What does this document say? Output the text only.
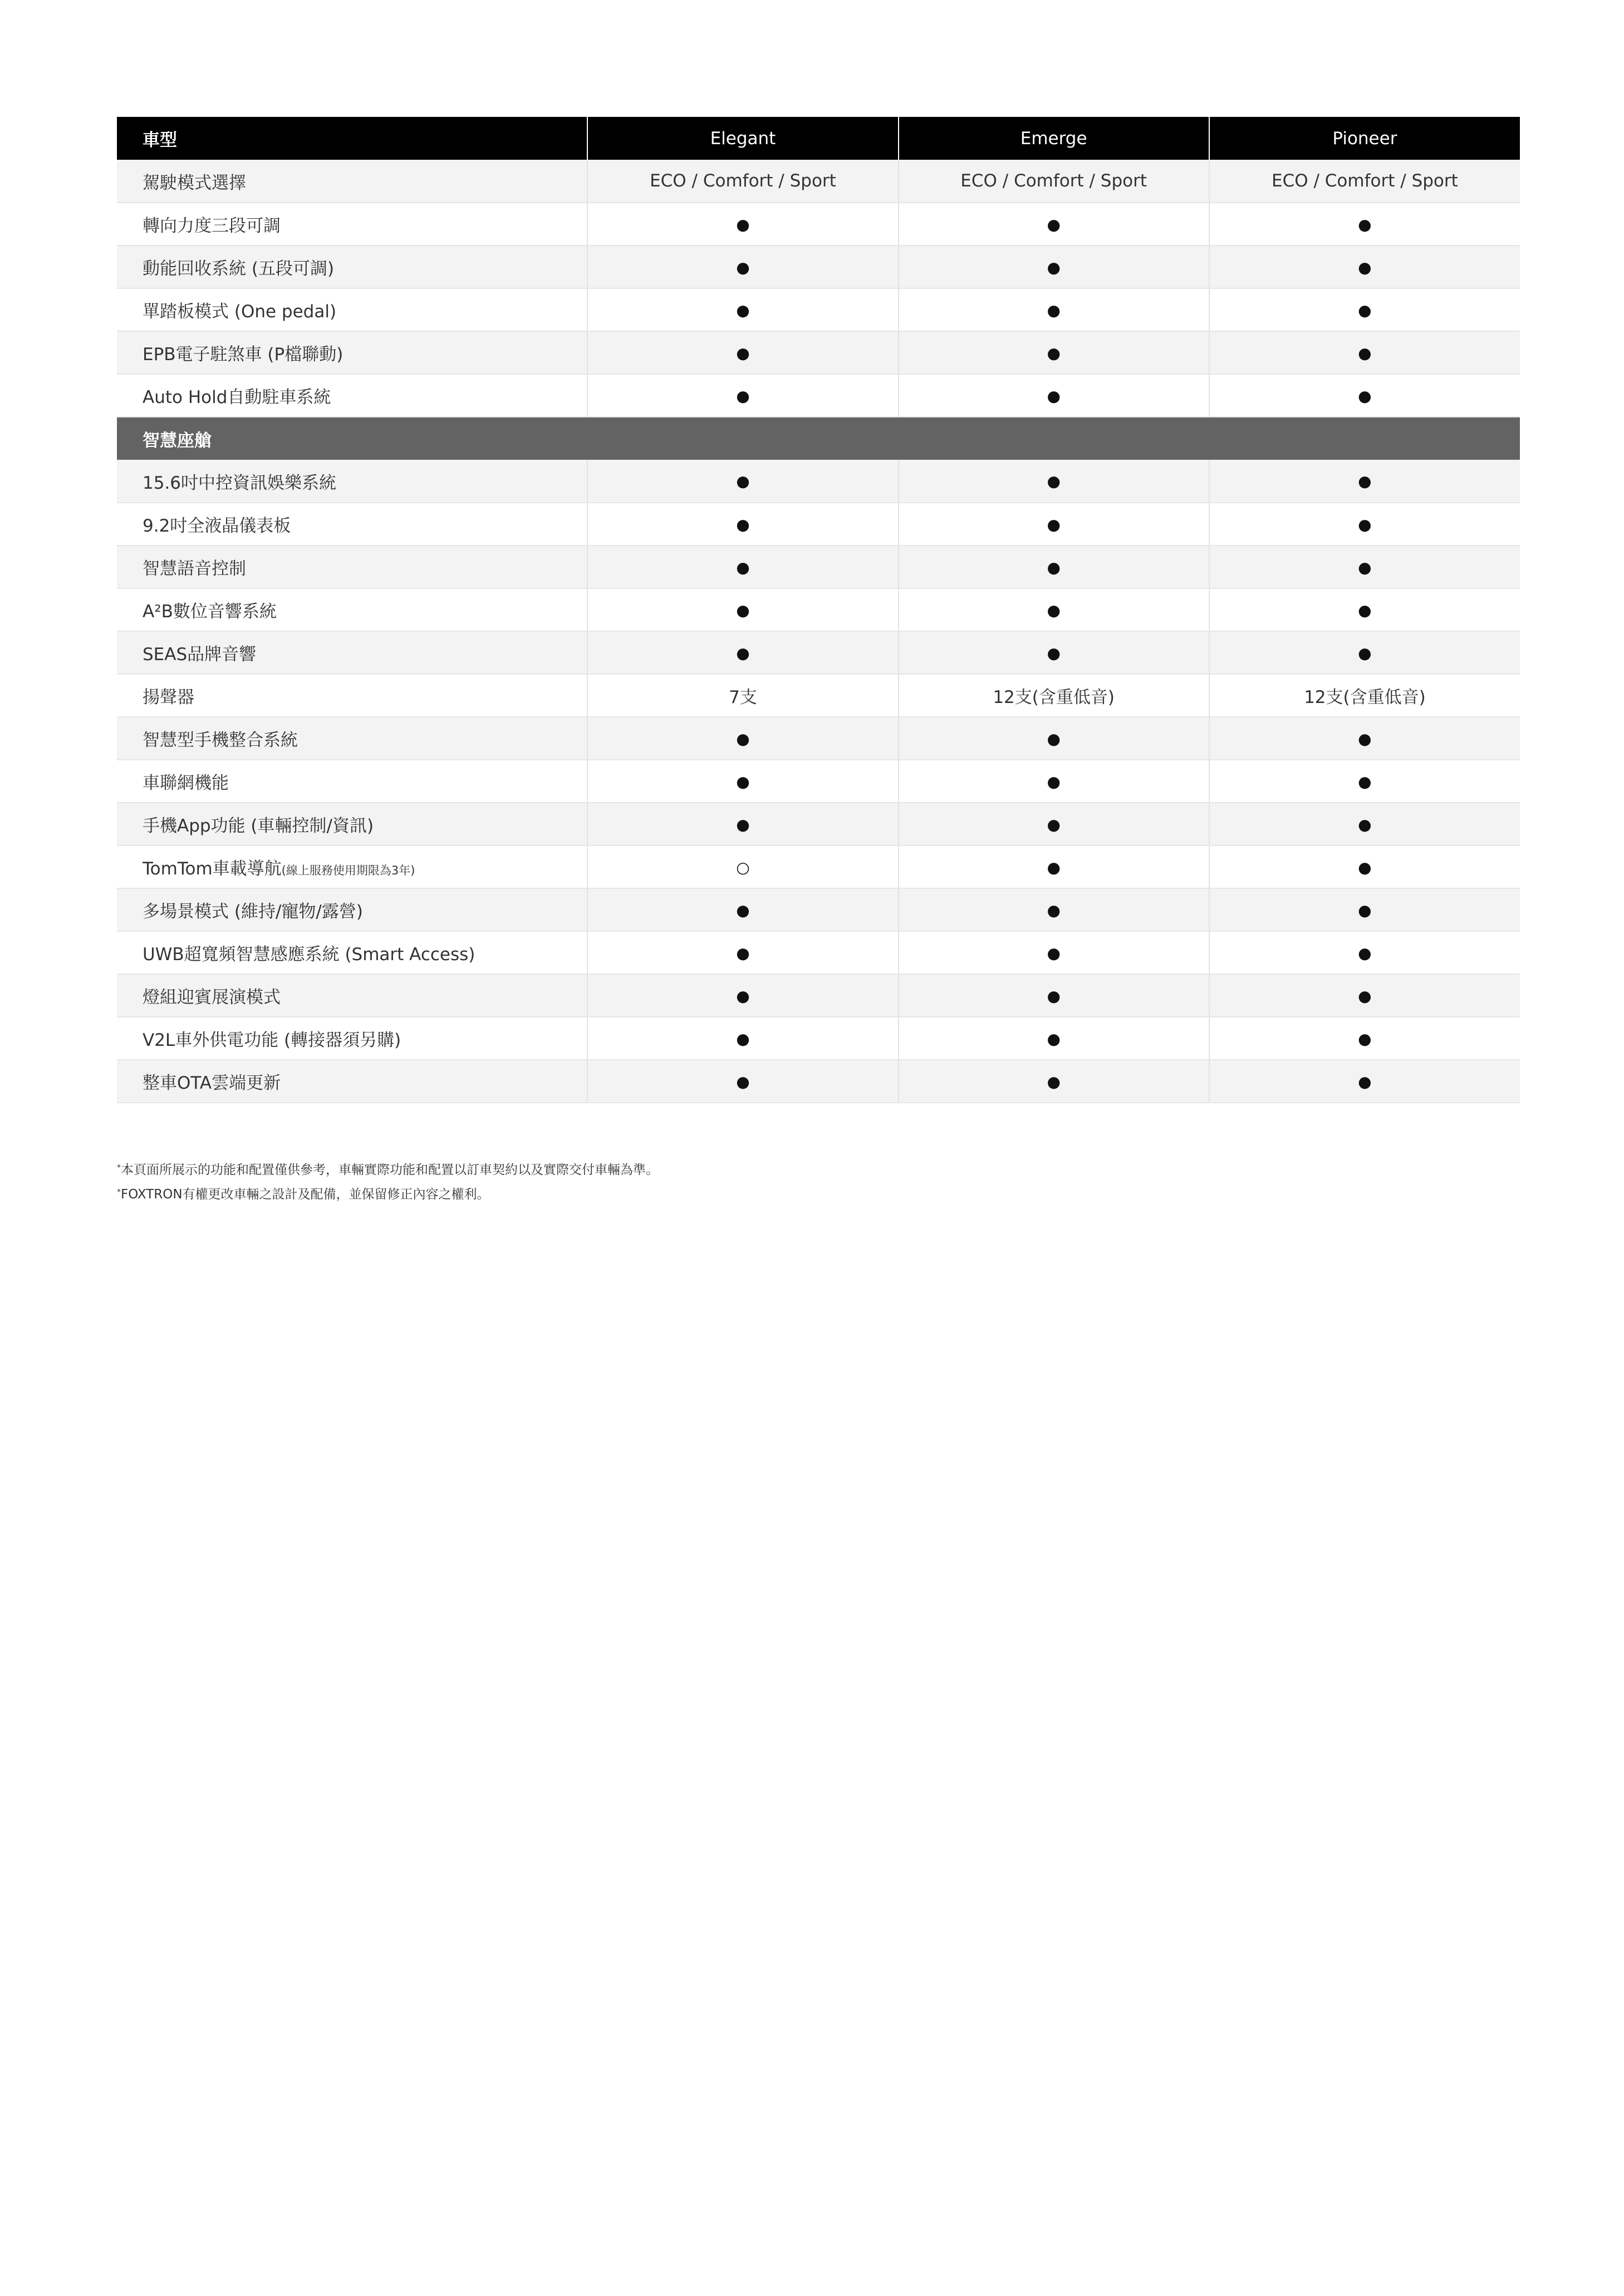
車型	Elegant	Emerge	Pioneer
駕駛模式選擇	ECO / Comfort / Sport	ECO / Comfort / Sport	ECO / Comfort / Sport
轉向力度三段可調	●	●	●
動能回收系統 (五段可調)	●	●	●
單踏板模式 (One pedal)	●	●	●
EPB電子駐煞車 (P檔聯動)	●	●	●
Auto Hold自動駐車系統	●	●	●
智慧座艙			
15.6吋中控資訊娛樂系統	●	●	●
9.2吋全液晶儀表板	●	●	●
智慧語音控制	●	●	●
A²B數位音響系統	●	●	●
SEAS品牌音響	●	●	●
揚聲器	7支	12支(含重低音)	12支(含重低音)
智慧型手機整合系統	●	●	●
車聯網機能	●	●	●
手機App功能 (車輛控制/資訊)	●	●	●
TomTom車載導航(線上服務使用期限為3年)	○	●	●
多場景模式 (維持/寵物/露營)	●	●	●
UWB超寬頻智慧感應系統 (Smart Access)	●	●	●
燈組迎賓展演模式	●	●	●
V2L車外供電功能 (轉接器須另購)	●	●	●
整車OTA雲端更新	●	●	●

*本頁面所展示的功能和配置僅供參考，車輛實際功能和配置以訂車契約以及實際交付車輛為準。

*FOXTRON有權更改車輛之設計及配備，並保留修正內容之權利。
